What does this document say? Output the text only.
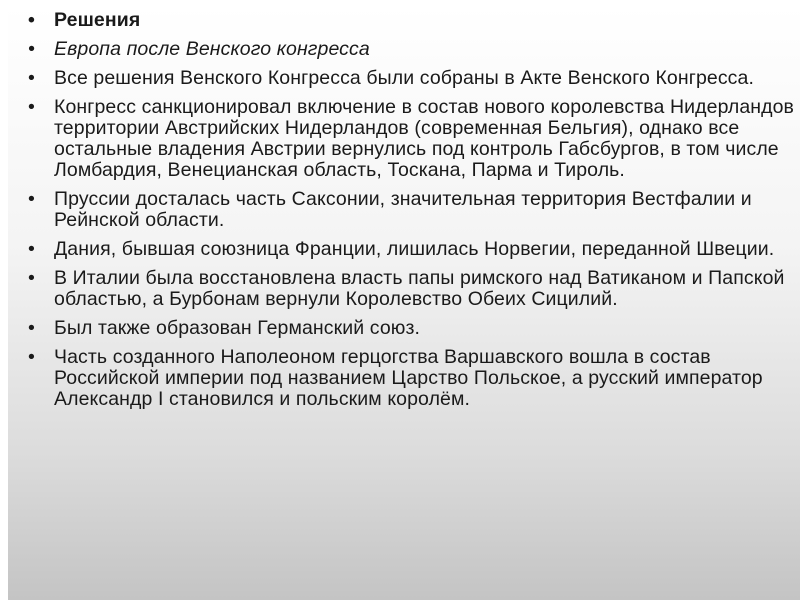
• Решения
• Европа после Венского конгресса
• Все решения Венского Конгресса были собраны в Акте Венского Конгресса.
• Конгресс санкционировал включение в состав нового королевства Нидерландов территории Австрийских Нидерландов (современная Бельгия), однако все остальные владения Австрии вернулись под контроль Габсбургов, в том числе Ломбардия, Венецианская область, Тоскана, Парма и Тироль.
• Пруссии досталась часть Саксонии, значительная территория Вестфалии и Рейнской области.
• Дания, бывшая союзница Франции, лишилась Норвегии, переданной Швеции.
• В Италии была восстановлена власть папы римского над Ватиканом и Папской областью, а Бурбонам вернули Королевство Обеих Сицилий.
• Был также образован Германский союз.
• Часть созданного Наполеоном герцогства Варшавского вошла в состав Российской империи под названием Царство Польское, а русский император Александр I становился и польским королём.
